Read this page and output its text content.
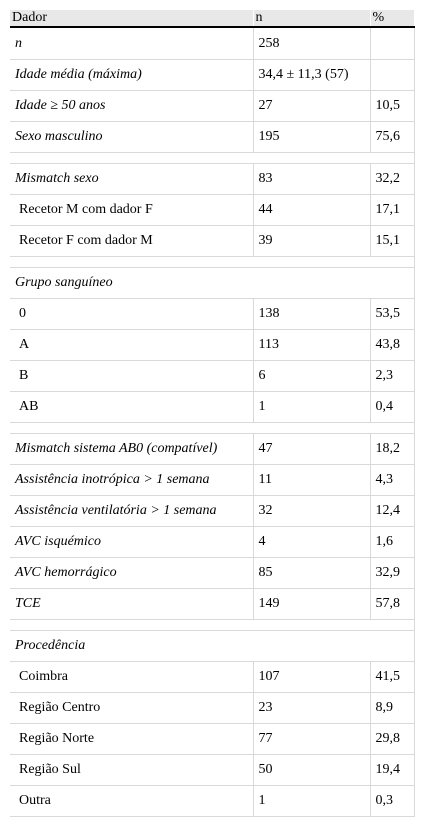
Dador	n	%
n	258	
Idade média (máxima)	34,4 ± 11,3 (57)	
Idade ≥ 50 anos	27	10,5
Sexo masculino	195	75,6

Mismatch sexo	83	32,2
Recetor M com dador F	44	17,1
Recetor F com dador M	39	15,1

Grupo sanguíneo		
0	138	53,5
A	113	43,8
B	6	2,3
AB	1	0,4

Mismatch sistema AB0 (compatível)	47	18,2
Assistência inotrópica > 1 semana	11	4,3
Assistência ventilatória > 1 semana	32	12,4
AVC isquémico	4	1,6
AVC hemorrágico	85	32,9
TCE	149	57,8

Procedência		
Coimbra	107	41,5
Região Centro	23	8,9
Região Norte	77	29,8
Região Sul	50	19,4
Outra	1	0,3
